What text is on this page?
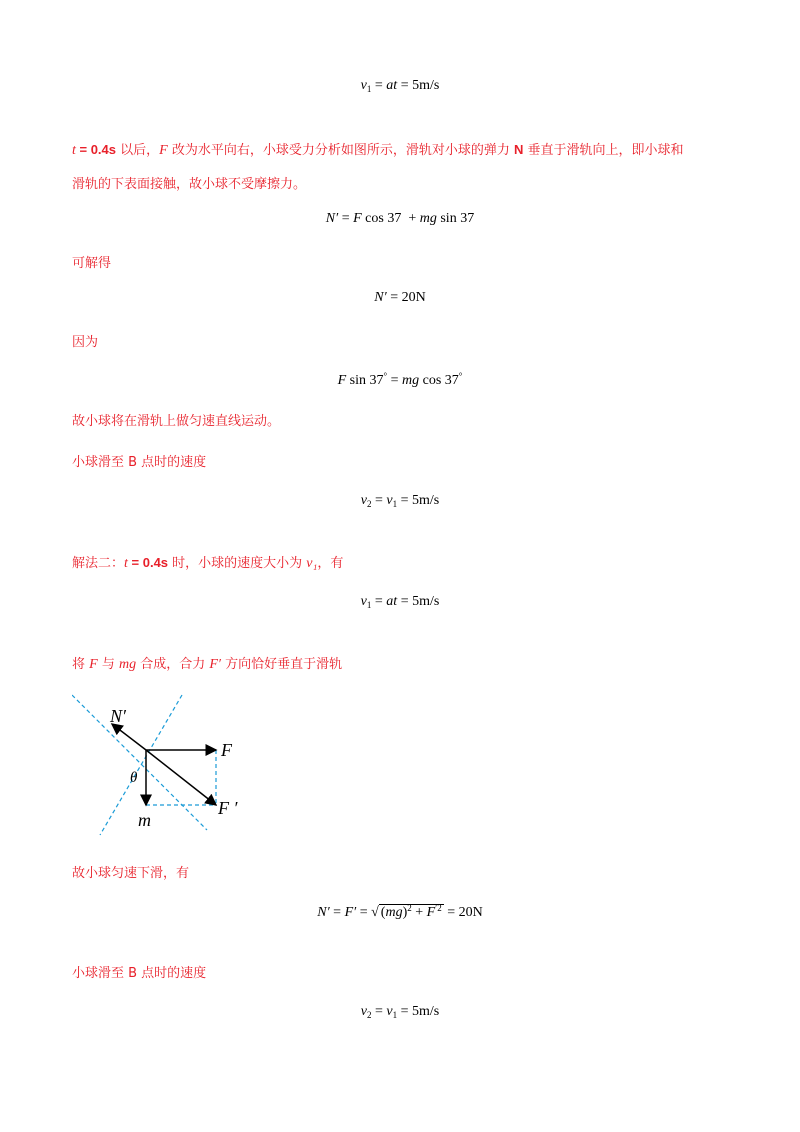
$v_1$ = at = 5m/s
t = 0.4s 以后，F 改为水平向右，小球受力分析如图所示，滑轨对小球的弹力 N 垂直于滑轨向上，即小球和
滑轨的下表面接触，故小球不受摩擦力。
N′ = F cos 37  + mg sin 37
可解得
N′ = 20N
因为
F sin 37° = mg cos 37°
故小球将在滑轨上做匀速直线运动。
小球滑至 B 点时的速度
$v_2 = v_1 = 5m/s$
解法二：t = 0.4s 时，小球的速度大小为 v₁，有
$v_1$ = at = 5m/s
将 F 与 mg 合成，合力 F′ 方向恰好垂直于滑轨
N′
F
θ
F ′
m
故小球匀速下滑，有
N′ = F′ = √ $(mg)^2 + F^{'2} = 20N$
小球滑至 B 点时的速度
$v_2 = v_1 = 5m/s$
